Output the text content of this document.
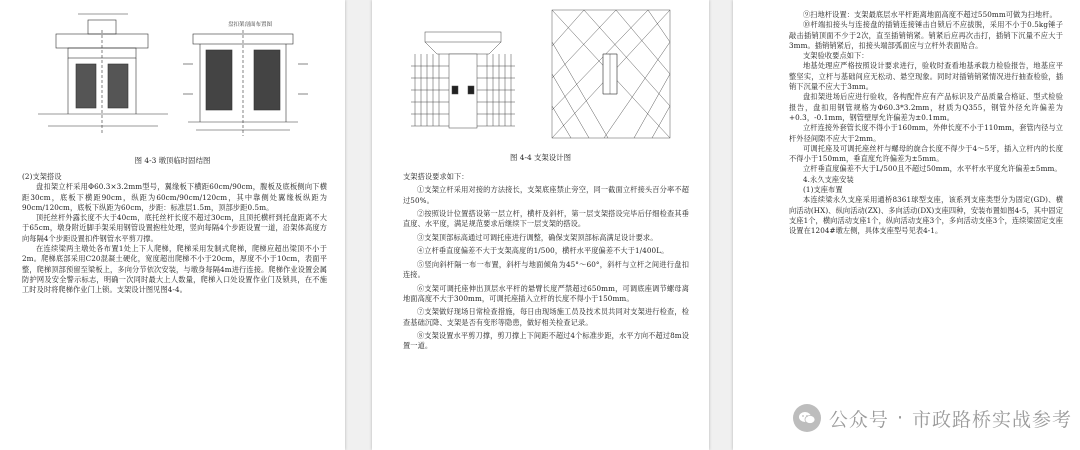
盘扣架剖面布置图
图 4-3 墩顶临时固结图

(2)支架搭设

盘扣架立杆采用Φ60.3×3.2mm型号，翼缘板下横距60cm/90cm，腹板及底板侧向下横距30cm，底板下横距90cm，纵距为60cm/90cm/120cm，其中靠侧处翼缘板纵距为90cm/120cm，底板下纵距为60cm，步距：标准层1.5m，顶部步距0.5m。

顶托丝杆外露长度不大于40cm，底托丝杆长度不超过30cm，且顶托横杆到托盘距离不大于65cm，墩身附近脚手架采用钢管设置抱柱处理，竖向每隔4个步距设置一道，沿架体高度方向每隔4个步距设置扣件钢管水平剪刀撑。

在连续梁两主墩处各布置1处上下人爬梯，爬梯采用发制式爬梯，爬梯应超出梁顶不小于2m。爬梯底部采用C20混凝土硬化，宽度超出爬梯不小于20cm，厚度不小于10cm，表面平整，爬梯顶部预留至梁板上，多向分节依次安装，与墩身每隔4m进行连接。爬梯作业设置会属防护网及安全警示标志，明确一次同时最大上人数量，爬梯入口处设置作业门及锁具，在不施工时及时将爬梯作业门上锁。支架设计图见图4-4。

图 4-4 支架设计图

支架搭设要求如下：

①支架立杆采用对接的方法接长，支架底座禁止旁空，同一截面立杆接头百分率不超过50%。

②按照设计位置搭设第一层立杆，横杆及斜杆，第一层支架搭设完毕后仔细检查其垂直度、水平度，满足规范要求后继续下一层支架的搭设。

③支架顶部标高通过可调托座进行调整，确保支架顶部标高满足设计要求。

④立杆垂直度偏差不大于支架高度的1/500，横杆水平度偏差不大于1/400L。

⑤竖向斜杆隔一布一布置，斜杆与地面倾角为45°～60°，斜杆与立杆之间进行盘扣连接。

⑥支架可调托座伸出顶层水平杆的悬臂长度严禁超过650mm，可调底座调节螺母离地面高度不大于300mm，可调托座插入立杆的长度不得小于150mm。

⑦支架做好现场日常检查措施，每日由现场施工员及技术员共同对支架进行检查，检查基础沉降、支架是否有变形等隐患，做好相关检查记录。

⑧支架设置水平剪刀撑，剪刀撑上下间距不超过4个标准步距，水平方向不超过8m设置一道。

⑨扫地杆设置：支架最底层水平杆距离地面高度不超过550mm可做为扫地杆。

⑩杆端扣接头与连接盘的插销连接锤击自锁后不应拔脱，采用不小于0.5kg锤子敲击插销顶面不少于2次，直至插销销紧。销紧后应再次击打，插销下沉量不应大于3mm。插销销紧后，扣接头端部弧面应与立杆外表面贴合。

支架验收要点如下：

地基处理应严格按照设计要求进行，验收时查看地基承载力检验报告，地基应平整坚实，立杆与基础间应无松动、悬空现象。同时对插销销紧情况进行抽查检验，插销下沉量不应大于3mm。

盘扣架进场后应进行验收，各构配件应有产品标识及产品质量合格证、型式检验报告，盘扣用钢管规格为Φ60.3*3.2mm，材质为Q355，钢管外径允许偏差为+0.3，-0.1mm，钢管壁厚允许偏差为±0.1mm。

立杆连接外套管长度不得小于160mm，外伸长度不小于110mm，套管内径与立杆外径间隙不应大于2mm。

可调托座及可调托座丝杆与螺母的旋合长度不得少于4～5牙，插入立杆内的长度不得小于150mm，垂直度允许偏差为±5mm。

立杆垂直度偏差不大于L/500且不超过50mm，水平杆水平度允许偏差±5mm。

4.永久支座安装

(1)支座布置

本连续梁永久支座采用通桥8361球型支座，该系列支座类型分为固定(GD)、横向活动(HX)、纵向活动(ZX)、多向活动(DX)支座四种，安装布置如图4-5，其中固定支座1个，横向活动支座1个，纵向活动支座3个，多向活动支座3个，连续梁固定支座设置在1204#墩左侧，具体支座型号见表4-1。

公众号 · 市政路桥实战参考
